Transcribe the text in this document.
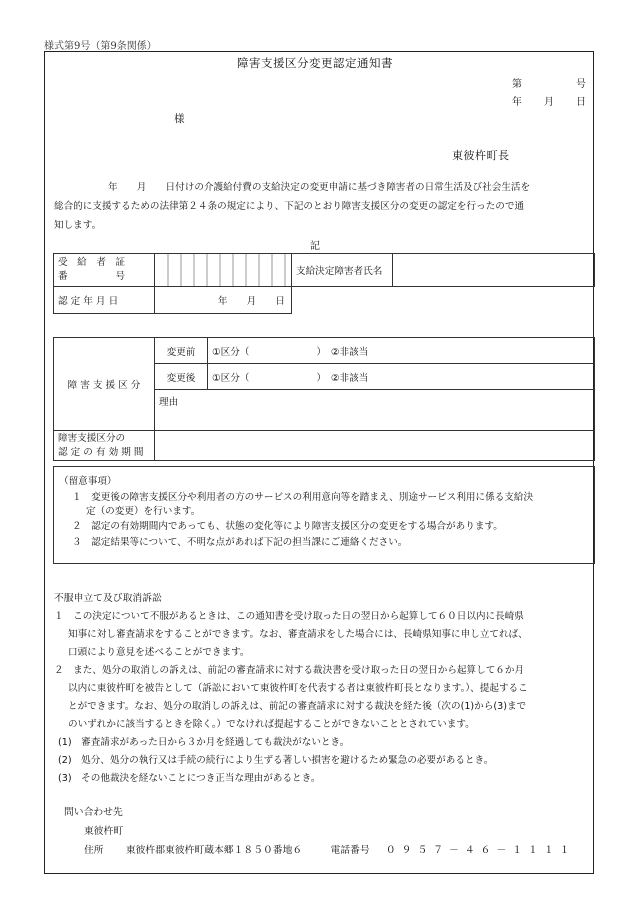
様式第9号（第9条関係）
障害支援区分変更認定通知書
第	号
年 月 日
様
東彼杵町長
年　　月　　日付けの介護給付費の支給決定の変更申請に基づき障害者の日常生活及び社会生活を
総合的に支援するための法律第２４条の規定により、下記のとおり障害支援区分の変更の認定を行ったので通
知します。
記
受　給　者　証
番　　　　　号		支給決定障害者氏名	
認 定 年 月 日	年　　月　　日		
障 害 支 援 区 分	変更前	①区分（　　　　　　　）　②非該当
	変更後	①区分（　　　　　　　）　②非該当
	理由	

障害支援区分の
認 定 の 有 効 期 間		

（留意事項）
１　変更後の障害支援区分や利用者の方のサービスの利用意向等を踏まえ、別途サービス利用に係る支給決
定（の変更）を行います。
２　認定の有効期間内であっても、状態の変化等により障害支援区分の変更をする場合があります。
３　認定結果等について、不明な点があれば下記の担当課にご連絡ください。
不服申立て及び取消訴訟
１　この決定について不服があるときは、この通知書を受け取った日の翌日から起算して６０日以内に長崎県
知事に対し審査請求をすることができます。なお、審査請求をした場合には、長崎県知事に申し立てれば、
口頭により意見を述べることができます。
２　また、処分の取消しの訴えは、前記の審査請求に対する裁決書を受け取った日の翌日から起算して６か月
以内に東彼杵町を被告として（訴訟において東彼杵町を代表する者は東彼杵町長となります。）、提起するこ
とができます。なお、処分の取消しの訴えは、前記の審査請求に対する裁決を経た後（次の(1)から(3)まで
のいずれかに該当するときを除く。）でなければ提起することができないこととされています。
(1)　審査請求があった日から３か月を経過しても裁決がないとき。
(2)　処分、処分の執行又は手続の続行により生ずる著しい損害を避けるため緊急の必要があるとき。
(3)　その他裁決を経ないことにつき正当な理由があるとき。
問い合わせ先
東彼杵町
住所 東彼杵郡東彼杵町蔵本郷１８５０番地６	電話番号 ０９５７－４６－１１１１
